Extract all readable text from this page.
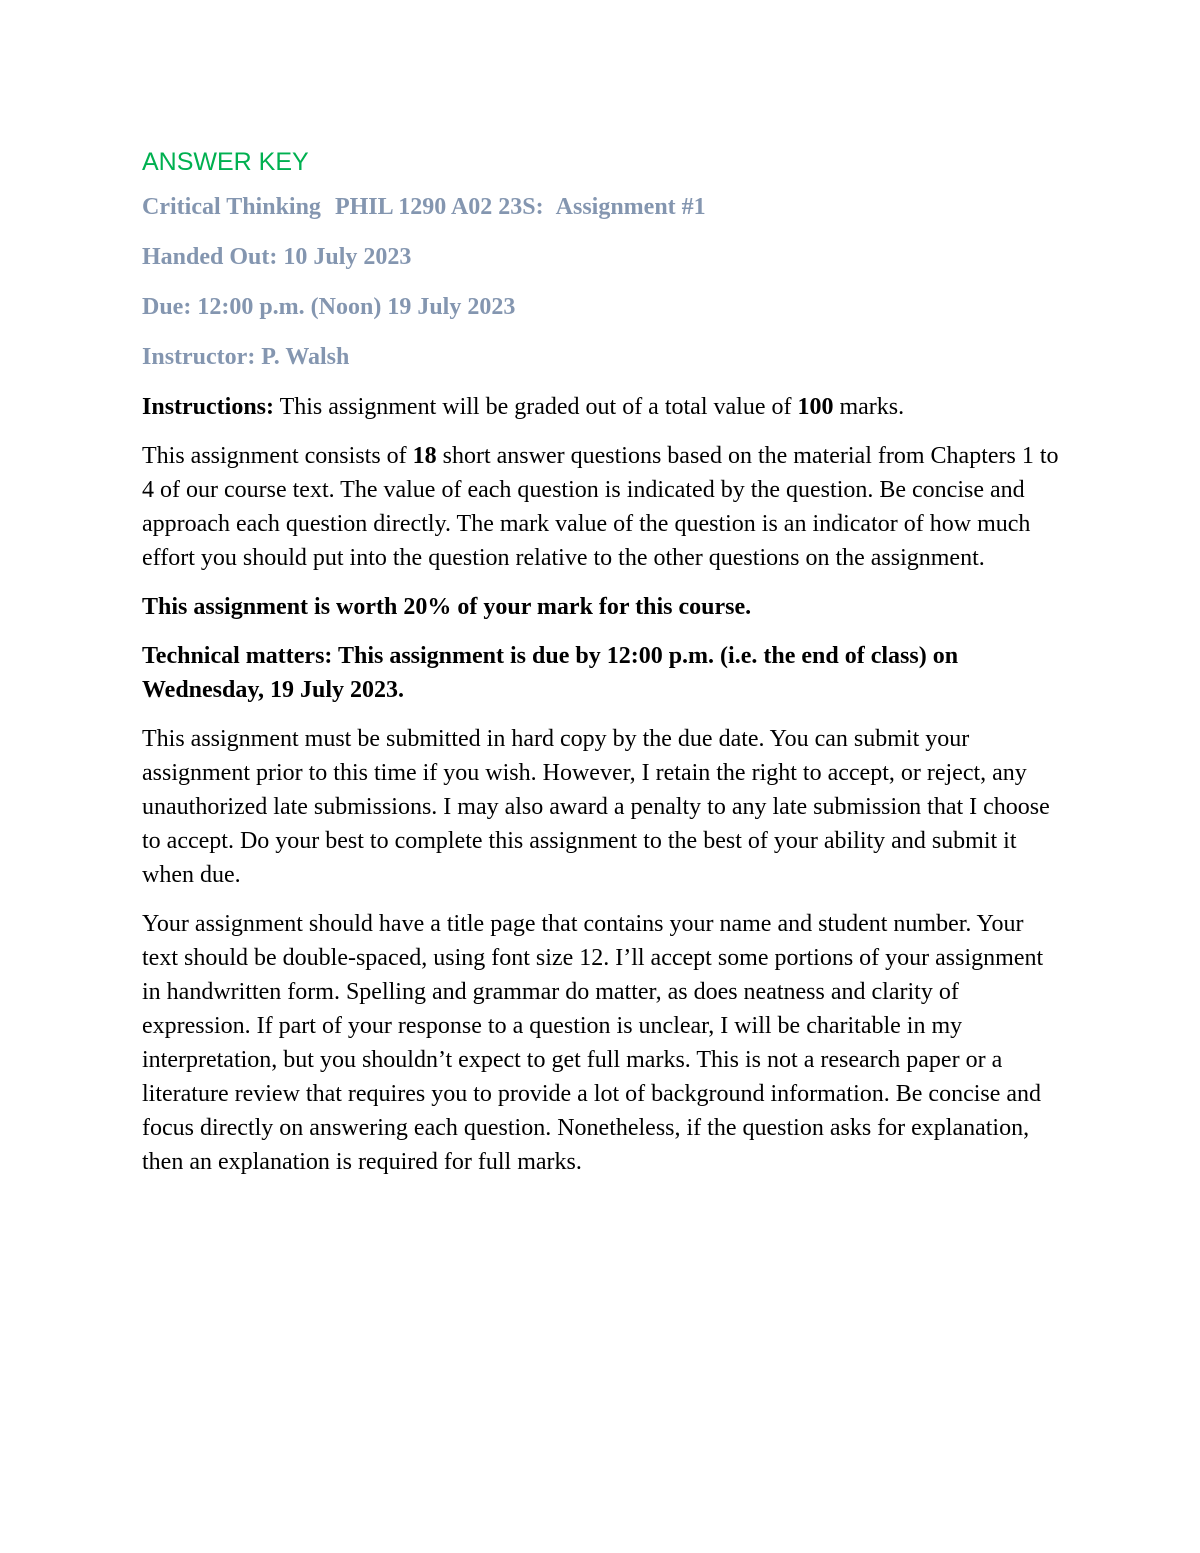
ANSWER KEY
Critical Thinking PHIL 1290 A02 23S: Assignment #1
Handed Out: 10 July 2023
Due: 12:00 p.m. (Noon) 19 July 2023
Instructor: P. Walsh

Instructions: This assignment will be graded out of a total value of 100 marks.

This assignment consists of 18 short answer questions based on the material from Chapters 1 to 4 of our course text. The value of each question is indicated by the question. Be concise and approach each question directly. The mark value of the question is an indicator of how much effort you should put into the question relative to the other questions on the assignment.

This assignment is worth 20% of your mark for this course.

Technical matters: This assignment is due by 12:00 p.m. (i.e. the end of class) on Wednesday, 19 July 2023.

This assignment must be submitted in hard copy by the due date. You can submit your assignment prior to this time if you wish. However, I retain the right to accept, or reject, any unauthorized late submissions. I may also award a penalty to any late submission that I choose to accept. Do your best to complete this assignment to the best of your ability and submit it when due.

Your assignment should have a title page that contains your name and student number. Your text should be double-spaced, using font size 12. I’ll accept some portions of your assignment in handwritten form. Spelling and grammar do matter, as does neatness and clarity of expression. If part of your response to a question is unclear, I will be charitable in my interpretation, but you shouldn’t expect to get full marks. This is not a research paper or a literature review that requires you to provide a lot of background information. Be concise and focus directly on answering each question. Nonetheless, if the question asks for explanation, then an explanation is required for full marks.
